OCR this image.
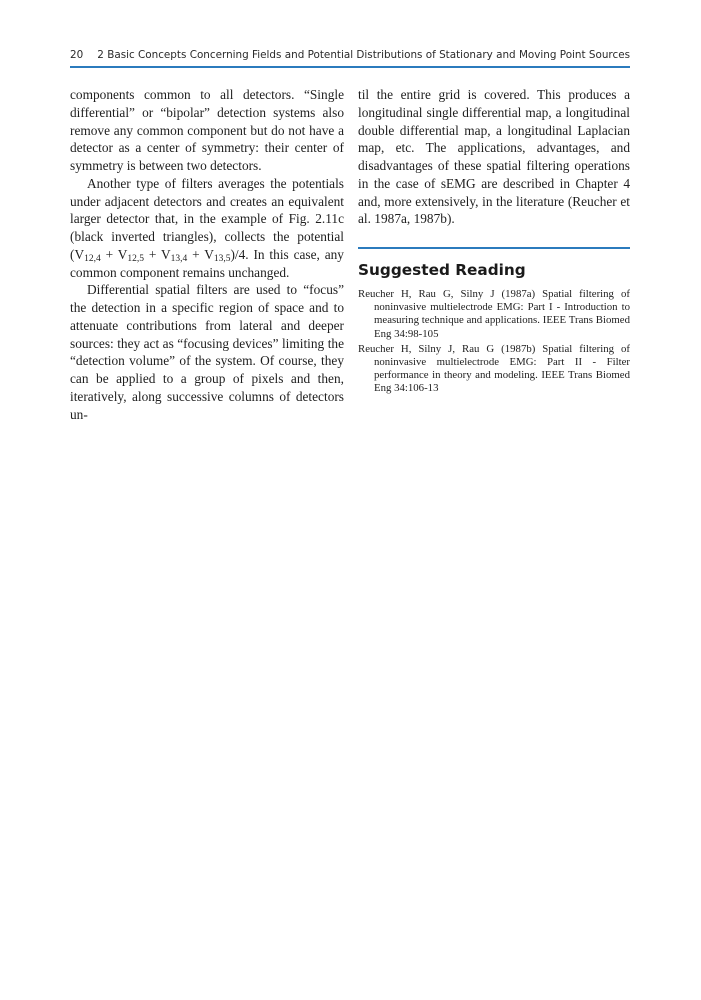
20 2 Basic Concepts Concerning Fields and Potential Distributions of Stationary and Moving Point Sources

components common to all detectors. “Single differential” or “bipolar” detection systems also remove any common component but do not have a detector as a center of symmetry: their center of symmetry is between two detectors.

Another type of filters averages the potentials under adjacent detectors and creates an equivalent larger detector that, in the example of Fig. 2.11c (black inverted triangles), collects the potential $(V_{12,4} + V_{12,5} + V_{13,4} + V_{13,5})/4$. In this case, any common component remains unchanged.

Differential spatial filters are used to “focus” the detection in a specific region of space and to attenuate contributions from lateral and deeper sources: they act as “focusing devices” limiting the “detection volume” of the system. Of course, they can be applied to a group of pixels and then, iteratively, along successive columns of detectors un-

til the entire grid is covered. This produces a longitudinal single differential map, a longitudinal double differential map, a longitudinal Laplacian map, etc. The applications, advantages, and disadvantages of these spatial filtering operations in the case of sEMG are described in Chapter 4 and, more extensively, in the literature (Reucher et al. 1987a, 1987b).

Suggested Reading
Reucher H, Rau G, Silny J (1987a) Spatial filtering of noninvasive multielectrode EMG: Part I - Introduction to measuring technique and applications. IEEE Trans Biomed Eng 34:98-105
Reucher H, Silny J, Rau G (1987b) Spatial filtering of noninvasive multielectrode EMG: Part II - Filter performance in theory and modeling. IEEE Trans Biomed Eng 34:106-13
